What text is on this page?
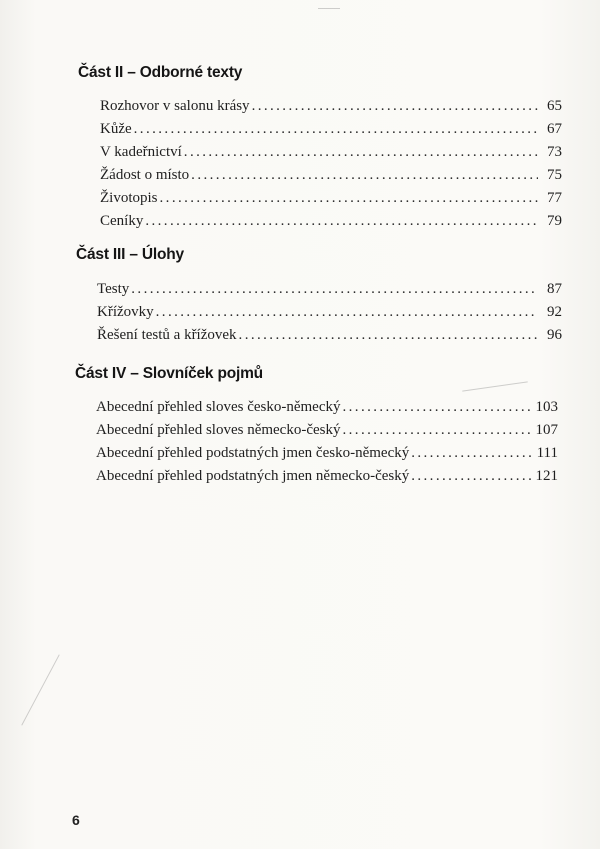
Část II – Odborné texty
Rozhovor v salonu krásy .....	65
Kůže .....	67
V kadeřnictví .....	73
Žádost o místo .....	75
Životopis .....	77
Ceníky .....	79
Část III – Úlohy
Testy .....	87
Křížovky .....	92
Řešení testů a křížovek .....	96
Část IV – Slovníček pojmů
Abecední přehled sloves česko-německý .....	103
Abecední přehled sloves německo-český .....	107
Abecední přehled podstatných jmen česko-německý .....	111
Abecední přehled podstatných jmen německo-český .....	121
6
